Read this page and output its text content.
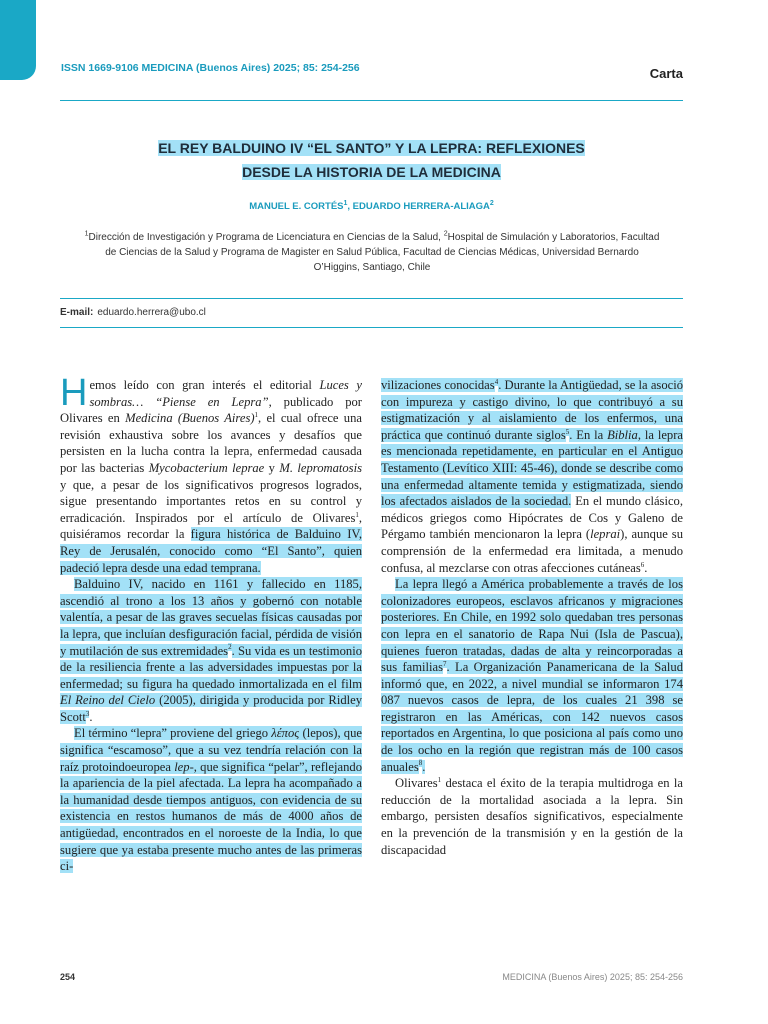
ISSN 1669-9106 MEDICINA (Buenos Aires) 2025; 85: 254-256	Carta
EL REY BALDUINO IV “EL SANTO” Y LA LEPRA: REFLEXIONES
DESDE LA HISTORIA DE LA MEDICINA
MANUEL E. CORTÉS$^1$, EDUARDO HERRERA-ALIAGA$^2$
$^1$Dirección de Investigación y Programa de Licenciatura en Ciencias de la Salud, $^2$Hospital de Simulación y Laboratorios, Facultad de Ciencias de la Salud y Programa de Magister en Salud Pública, Facultad de Ciencias Médicas, Universidad Bernardo O’Higgins, Santiago, Chile
E-mail: eduardo.herrera@ubo.cl

Hemos leído con gran interés el editorial Luces y sombras… “Piense en Lepra”, publicado por Olivares en Medicina (Buenos Aires)$^1$, el cual ofrece una revisión exhaustiva sobre los avances y desafíos que persisten en la lucha contra la lepra, enfermedad causada por las bacterias Mycobacterium leprae y M. lepromatosis y que, a pesar de los significativos progresos logrados, sigue presentando importantes retos en su control y erradicación. Inspirados por el artículo de Olivares$^1$, quisiéramos recordar la figura histórica de Balduino IV, Rey de Jerusalén, conocido como “El Santo”, quien padeció lepra desde una edad temprana.

Balduino IV, nacido en 1161 y fallecido en 1185, ascendió al trono a los 13 años y gobernó con notable valentía, a pesar de las graves secuelas físicas causadas por la lepra, que incluían desfiguración facial, pérdida de visión y mutilación de sus extremidades$^2$. Su vida es un testimonio de la resiliencia frente a las adversidades impuestas por la enfermedad; su figura ha quedado inmortalizada en el film El Reino del Cielo (2005), dirigida y producida por Ridley Scott$^3$.

El término “lepra” proviene del griego λέπος (lepos), que significa “escamoso”, que a su vez tendría relación con la raíz protoindoeuropea lep-, que significa “pelar”, reflejando la apariencia de la piel afectada. La lepra ha acompañado a la humanidad desde tiempos antiguos, con evidencia de su existencia en restos humanos de más de 4000 años de antigüedad, encontrados en el noroeste de la India, lo que sugiere que ya estaba presente mucho antes de las primeras ci-

vilizaciones conocidas$^4$. Durante la Antigüedad, se la asoció con impureza y castigo divino, lo que contribuyó a su estigmatización y al aislamiento de los enfermos, una práctica que continuó durante siglos$^5$. En la Biblia, la lepra es mencionada repetidamente, en particular en el Antiguo Testamento (Levítico XIII: 45-46), donde se describe como una enfermedad altamente temida y estigmatizada, siendo los afectados aislados de la sociedad. En el mundo clásico, médicos griegos como Hipócrates de Cos y Galeno de Pérgamo también mencionaron la lepra (leprai), aunque su comprensión de la enfermedad era limitada, a menudo confusa, al mezclarse con otras afecciones cutáneas$^6$.

La lepra llegó a América probablemente a través de los colonizadores europeos, esclavos africanos y migraciones posteriores. En Chile, en 1992 solo quedaban tres personas con lepra en el sanatorio de Rapa Nui (Isla de Pascua), quienes fueron tratadas, dadas de alta y reincorporadas a sus familias$^7$. La Organización Panamericana de la Salud informó que, en 2022, a nivel mundial se informaron 174 087 nuevos casos de lepra, de los cuales 21 398 se registraron en las Américas, con 142 nuevos casos reportados en Argentina, lo que posiciona al país como uno de los ocho en la región que registran más de 100 casos anuales$^8$.

Olivares$^1$ destaca el éxito de la terapia multidroga en la reducción de la mortalidad asociada a la lepra. Sin embargo, persisten desafíos significativos, especialmente en la prevención de la transmisión y en la gestión de la discapacidad

254	MEDICINA (Buenos Aires) 2025; 85: 254-256
